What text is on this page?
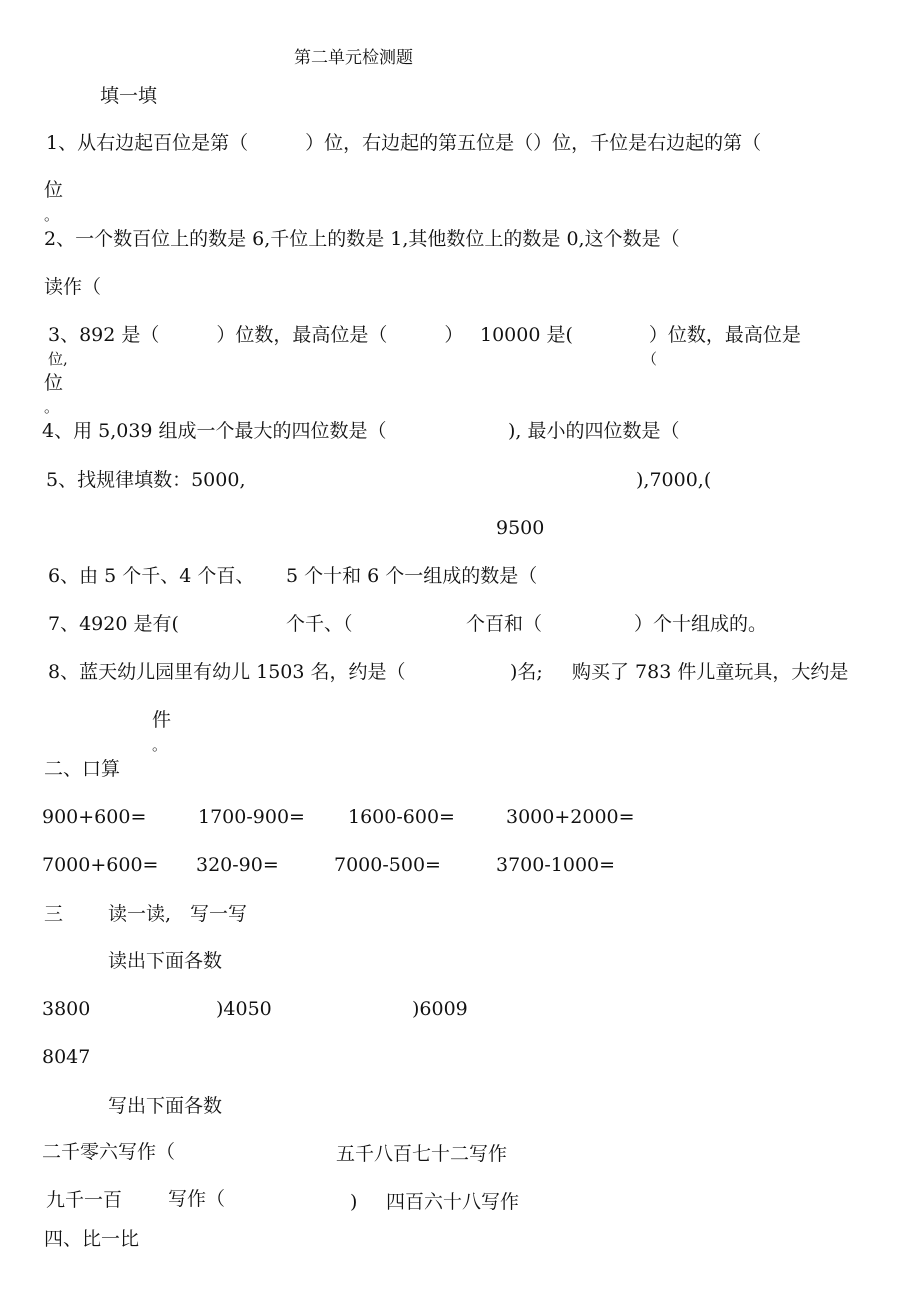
第二单元检测题
填一填
1、从右边起百位是第（　　　）位，右边起的第五位是（）位，千位是右边起的第（
位
。
2、一个数百位上的数是 6,千位上的数是 1,其他数位上的数是 0,这个数是（
读作（
3、892 是（　　　）位数，最高位是（　　　） 10000 是(　　　　）位数，最高位是
位,	（
位
。
4、用 5,039 组成一个最大的四位数是（	), 最小的四位数是（
5、找规律填数：5000,	),7000,(
9500
6、由 5 个千、4 个百、 5 个十和 6 个一组成的数是（
7、4920 是有(	个千、（	个百和（	）个十组成的。
8、蓝天幼儿园里有幼儿 1503 名，约是（	)名; 购买了 783 件儿童玩具，大约是
件
。
二、口算
900+600=	1700-900= 1600-600=	3000+2000=
7000+600= 320-90=	7000-500=	3700-1000=
三 读一读,　写一写
读出下面各数
3800	)4050	)6009
8047
写出下面各数
二千零六写作（	五千八百七十二写作
九千一百 写作（	) 四百六十八写作
四、比一比
